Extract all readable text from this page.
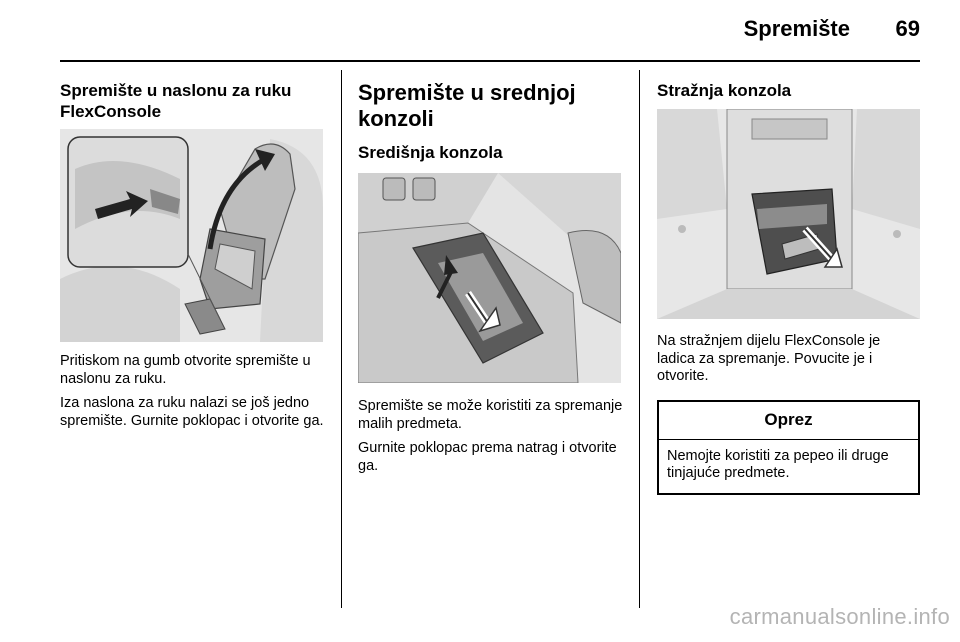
Spremište	69
Spremište u naslonu za ruku FlexConsole

Pritiskom na gumb otvorite spremište u naslonu za ruku.

Iza naslona za ruku nalazi se još jedno spremište. Gurnite poklopac i otvorite ga.

Spremište u srednjoj konzoli
Središnja konzola

Spremište se može koristiti za spremanje malih predmeta.

Gurnite poklopac prema natrag i otvorite ga.

Stražnja konzola

Na stražnjem dijelu FlexConsole je ladica za spremanje. Povucite je i otvorite.

Oprez
Nemojte koristiti za pepeo ili druge tinjajuće predmete.
carmanualsonline.info
